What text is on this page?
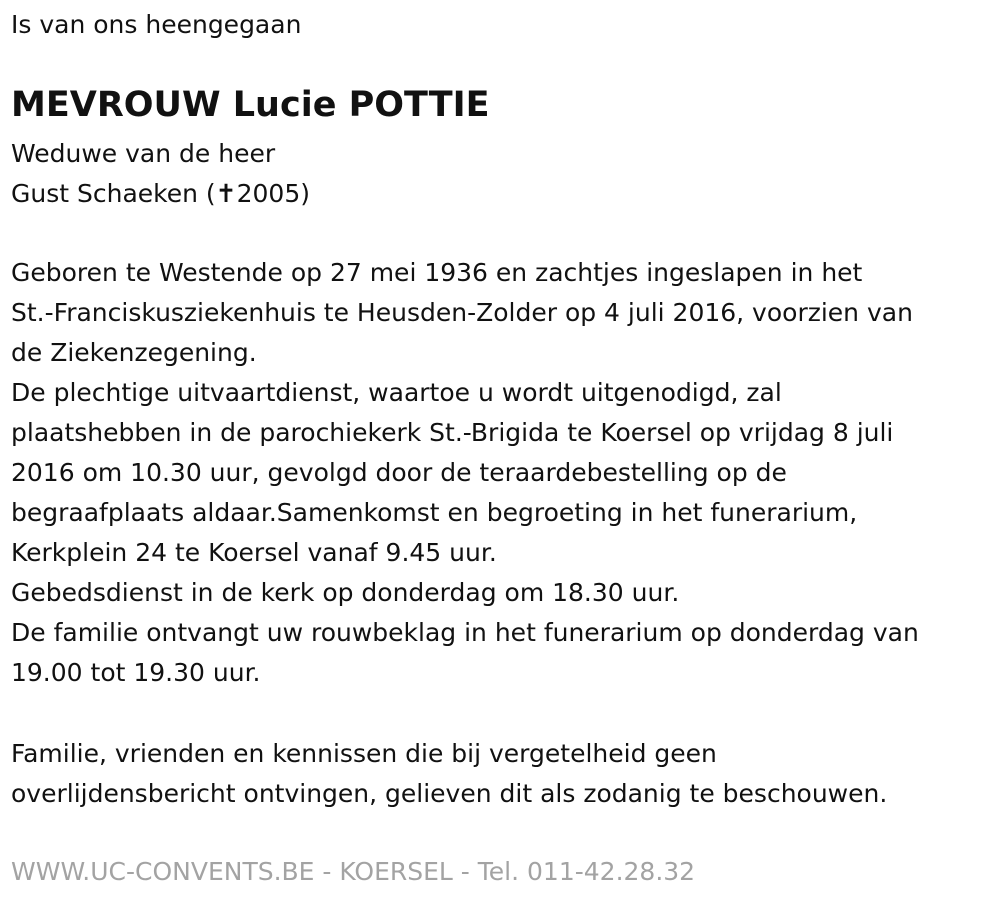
Is van ons heengegaan
MEVROUW Lucie POTTIE
Weduwe van de heer
Gust Schaeken (✝2005)
Geboren te Westende op 27 mei 1936 en zachtjes ingeslapen in het
St.-Franciskusziekenhuis te Heusden-Zolder op 4 juli 2016, voorzien van
de Ziekenzegening.
De plechtige uitvaartdienst, waartoe u wordt uitgenodigd, zal
plaatshebben in de parochiekerk St.-Brigida te Koersel op vrijdag 8 juli
2016 om 10.30 uur, gevolgd door de teraardebestelling op de
begraafplaats aldaar.Samenkomst en begroeting in het funerarium,
Kerkplein 24 te Koersel vanaf 9.45 uur.
Gebedsdienst in de kerk op donderdag om 18.30 uur.
De familie ontvangt uw rouwbeklag in het funerarium op donderdag van
19.00 tot 19.30 uur.
Familie, vrienden en kennissen die bij vergetelheid geen
overlijdensbericht ontvingen, gelieven dit als zodanig te beschouwen.
WWW.UC-CONVENTS.BE - KOERSEL - Tel. 011-42.28.32
